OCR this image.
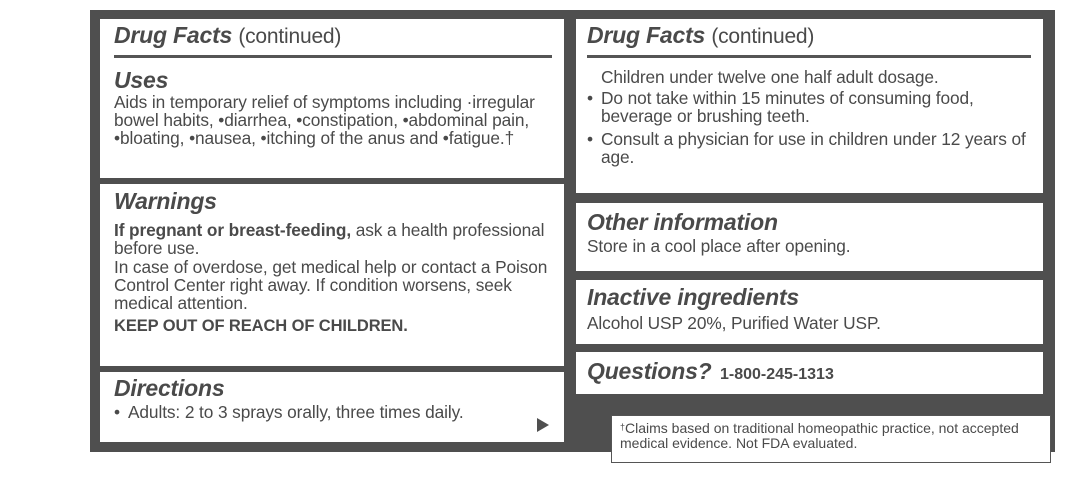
Drug Facts (continued)
Uses
Aids in temporary relief of symptoms including ·irregular bowel habits, •diarrhea, •constipation, •abdominal pain, •bloating, •nausea, •itching of the anus and •fatigue.†
Warnings
If pregnant or breast-feeding, ask a health professional before use.
In case of overdose, get medical help or contact a Poison Control Center right away. If condition worsens, seek medical attention.
KEEP OUT OF REACH OF CHILDREN.
Directions
• Adults: 2 to 3 sprays orally, three times daily.
Drug Facts (continued)
Children under twelve one half adult dosage.
• Do not take within 15 minutes of consuming food, beverage or brushing teeth.
• Consult a physician for use in children under 12 years of age.
Other information
Store in a cool place after opening.
Inactive ingredients
Alcohol USP 20%, Purified Water USP.
Questions? 1-800-245-1313
†Claims based on traditional homeopathic practice, not accepted medical evidence. Not FDA evaluated.
